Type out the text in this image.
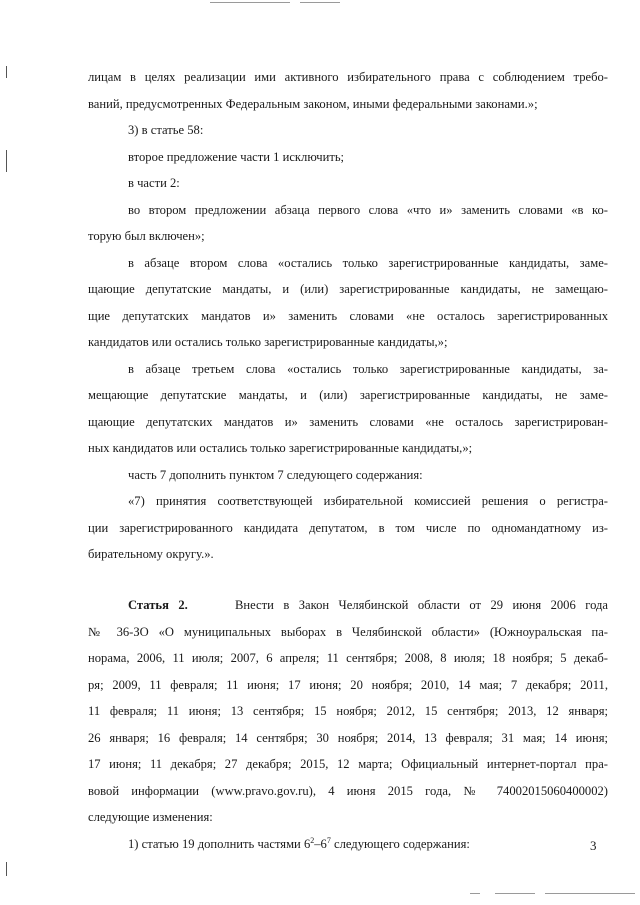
лицам в целях реализации ими активного избирательного права с соблюдением требо-
ваний, предусмотренных Федеральным законом, иными федеральными законами.»;
3) в статье 58:
второе предложение части 1 исключить;
в части 2:
во втором предложении абзаца первого слова «что и» заменить словами «в ко-
торую был включен»;
в абзаце втором слова «остались только зарегистрированные кандидаты, заме-
щающие депутатские мандаты, и (или) зарегистрированные кандидаты, не замещаю-
щие депутатских мандатов и» заменить словами «не осталось зарегистрированных
кандидатов или остались только зарегистрированные кандидаты,»;
в абзаце третьем слова «остались только зарегистрированные кандидаты, за-
мещающие депутатские мандаты, и (или) зарегистрированные кандидаты, не заме-
щающие депутатских мандатов и» заменить словами «не осталось зарегистрирован-
ных кандидатов или остались только зарегистрированные кандидаты,»;
часть 7 дополнить пунктом 7 следующего содержания:
«7) принятия соответствующей избирательной комиссией решения о регистра-
ции зарегистрированного кандидата депутатом, в том числе по одномандатному из-
бирательному округу.».
Статья 2.	Внести в Закон Челябинской области от 29 июня 2006 года
№ 36-ЗО «О муниципальных выборах в Челябинской области» (Южноуральская па-
норама, 2006, 11 июля; 2007, 6 апреля; 11 сентября; 2008, 8 июля; 18 ноября; 5 декаб-
ря; 2009, 11 февраля; 11 июня; 17 июня; 20 ноября; 2010, 14 мая; 7 декабря; 2011,
11 февраля; 11 июня; 13 сентября; 15 ноября; 2012, 15 сентября; 2013, 12 января;
26 января; 16 февраля; 14 сентября; 30 ноября; 2014, 13 февраля; 31 мая; 14 июня;
17 июня; 11 декабря; 27 декабря; 2015, 12 марта; Официальный интернет-портал пра-
вовой информации (www.pravo.gov.ru), 4 июня 2015 года, № 74002015060400002)
следующие изменения:
1) статью 19 дополнить частями $6^2-6^7$ следующего содержания:	3
